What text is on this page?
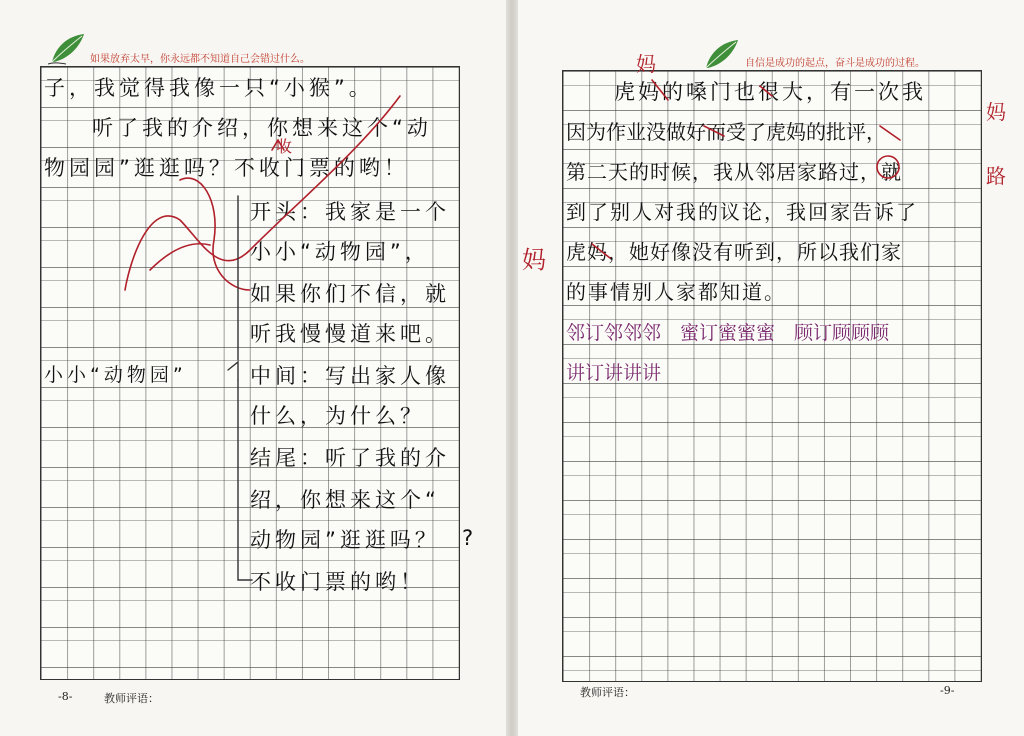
如果放弃太早，你永远都不知道自己会错过什么。
子，我觉得我像一只“小猴”。
听了我的介绍，你想来这个“动
收
物园园”逛逛吗？不收门票的哟！
开头：我家是一个
小小“动物园”，
如果你们不信，就
听我慢慢道来吧。
小小“动物园”	中间：写出家人像
什么，为什么？
结尾：听了我的介
绍，你想来这个“
动物园”逛逛吗？ ?
不收门票的哟！
-8-	教师评语：
自信是成功的起点，奋斗是成功的过程。
妈
妈
妈
路
虎妈的嗓门也很大，有一次我
因为作业没做好而受了虎妈的批评，
第二天的时候，我从邻居家路过，就
到了别人对我的议论，我回家告诉了
虎妈，她好像没有听到，所以我们家
的事情别人家都知道。
邻订邻邻邻　蜜订蜜蜜蜜　顾订顾顾顾
讲订讲讲讲
教师评语：	-9-
